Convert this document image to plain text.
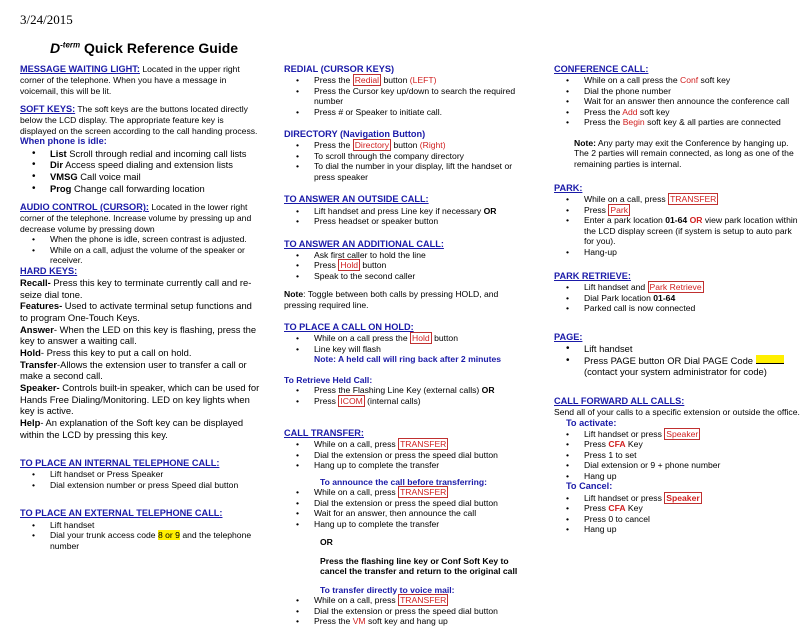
3/24/2015
$D^{-term}$ Quick Reference Guide

MESSAGE WAITING LIGHT: Located in the upper right corner of the telephone. When you have a message in voicemail, this will be lit.

SOFT KEYS: The soft keys are the buttons located directly below the LCD display. The appropriate feature key is displayed on the screen according to the call handing process.

When phone is idle:
• List Scroll through redial and incoming call lists
• Dir Access speed dialing and extension lists
• VMSG Call voice mail
• Prog Change call forwarding location

AUDIO CONTROL (CURSOR): Located in the lower right corner of the telephone. Increase volume by pressing up and decrease volume by pressing down

• When the phone is idle, screen contrast is adjusted.
• While on a call, adjust the volume of the speaker or receiver.
HARD KEYS:
Recall- Press this key to terminate currently call and re-seize dial tone.
Features- Used to activate terminal setup functions and to program One-Touch Keys.
Answer- When the LED on this key is flashing, press the key to answer a waiting call.
Hold- Press this key to put a call on hold.
Transfer-Allows the extension user to transfer a call or make a second call.
Speaker- Controls built-in speaker, which can be used for Hands Free Dialing/Monitoring. LED on key lights when key is active.
Help- An explanation of the Soft key can be displayed within the LCD by pressing this key.
TO PLACE AN INTERNAL TELEPHONE CALL:
• Lift handset or Press Speaker
• Dial extension number or press Speed dial button
TO PLACE AN EXTERNAL TELEPHONE CALL:
• Lift handset
• Dial your trunk access code 8 or 9 and the telephone number
REDIAL (CURSOR KEYS)
• Press the Redial button (LEFT)
• Press the Cursor key up/down to search the required number
• Press # or Speaker to initiate call.
DIRECTORY (Navigation Button)
• Press the Directory button (Right)
• To scroll through the company directory
• To dial the number in your display, lift the handset or press speaker
TO ANSWER AN OUTSIDE CALL:
• Lift handset and press Line key if necessary OR
• Press headset or speaker button
TO ANSWER AN ADDITIONAL CALL:
• Ask first caller to hold the line
• Press Hold button
• Speak to the second caller

Note: Toggle between both calls by pressing HOLD, and pressing required line.

TO PLACE A CALL ON HOLD:
• While on a call press the Hold button
• Line key will flash
Note: A held call will ring back after 2 minutes
To Retrieve Held Call:
• Press the Flashing Line Key (external calls) OR
• Press ICOM (internal calls)
CALL TRANSFER:
• While on a call, press TRANSFER
• Dial the extension or press the speed dial button
• Hang up to complete the transfer
To announce the call before transferring:
• While on a call, press TRANSFER
• Dial the extension or press the speed dial button
• Wait for an answer, then announce the call
• Hang up to complete the transfer
OR
Press the flashing line key or Conf Soft Key to cancel the transfer and return to the original call
To transfer directly to voice mail:
• While on a call, press TRANSFER
• Dial the extension or press the speed dial button
• Press the VM soft key and hang up
CONFERENCE CALL:
• While on a call press the Conf soft key
• Dial the phone number
• Wait for an answer then announce the conference call
• Press the Add soft key
• Press the Begin soft key & all parties are connected

Note: Any party may exit the Conference by hanging up. The 2 parties will remain connected, as long as one of the remaining parties is internal.

PARK:
• While on a call, press TRANSFER
• Press Park
• Enter a park location 01-64 OR view park location within the LCD display screen (if system is setup to auto park for you).
• Hang-up
PARK RETRIEVE:
• Lift handset and Park Retrieve
• Dial Park location 01-64
• Parked call is now connected
PAGE:
• Lift handset
• Press PAGE button OR Dial PAGE Code  (contact your system administrator for code)
CALL FORWARD ALL CALLS:

Send all of your calls to a specific extension or outside the office.

To activate:
• Lift handset or press Speaker
• Press CFA Key
• Press 1 to set
• Dial extension or 9 + phone number
• Hang up
To Cancel:
• Lift handset or press Speaker
• Press CFA Key
• Press 0 to cancel
• Hang up
